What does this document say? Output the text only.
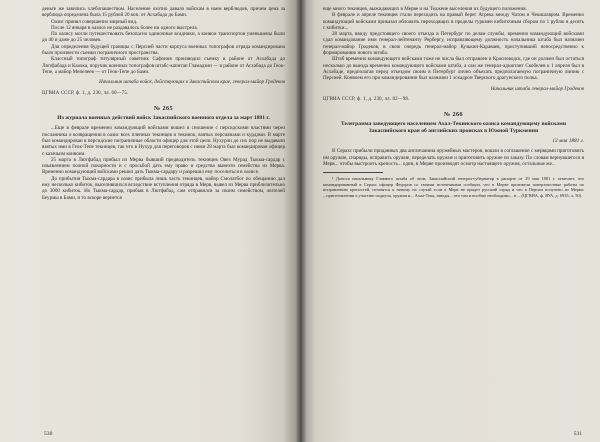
деньге же завились хлебопашеством. Население охотно давало войскам в наем верблюдов, причем цена за верблюда определена была 15 рублей 20 коп. от Асхабада до Бами.

Оазис принял совершенно мирный вид.

После 12 января в оазисе не раздавалось более ни одного выстрела.

По оазису могли путешествовать безопасно одиночные всадники, а конвои транспортов уменьшены были до 40 и даже до 25 человек.

Для определения будущей границы с Персией части корпуса военных топографов отряда командирована были произвести съемки пограничного пространства.

Классный топограф титулярный советник Сафонов производил съемку в районе от Асхабада до Лютфабада и Каахка, поручик военных топографов штабс-капитан Гламадзин — в районе от Асхабада до Геок-Тепе, а майор Мепелеев — от Геок-Тепе до Бами.

Начальник штаба войск, действующих в Закаспийском крае, генерал-майор Гродеков
ЦГВИА СССР, ф. 1, д. 230, лл. 60—75.
№ 265
Из журнала военных действий войск Закаспийского военного отдела за март 1881 г.

...Еще в феврале временно командующий войсками вошел в сношение с персидскими властями через посланника о возвращении в оазис всех пленных текинцев и текинок, взятых персиянами и курдами. В марте был командирован в персидские пограничные области офицер для этой цели. Нухурли до сих пор не выдавали взятых ими в Геок-Тепе текинцев, так что в Нухур для переговоров с ними 28 марта был командирован офицер с казачьим конвоем.

25 марта в Лютфабад прибыл из Мерва бывший предводитель текинцев Овез Мурад Тыкма-сардар с изъявлением полной покорности и с просьбой дать ему право и средства вывезти семейства из Мерва. Временно командующий войсками решил дать Тыкма-сардару и разрешил ему поселиться в оазисе.

До прибытия Тыкма-сардара в оазис прибыла лишь часть текинцев, майор Смолатбог по обещанию дал ему несколько кибиток, выселившихся вследствие вступления отряда в Мерв, вывел из Мерва приблизительно до 3000 кибиток. Но Тыкма-сардар, прибыв в Лютфабад, сам отправился за своим семейством, жителей Беурмы в Бами, и то вскоре вернется

530

еще много текинцев, выжидающих в Мерве и на Теджене выселения их будущего положения.

В феврале и апреле текинцев стали переходить на правый берег Атрека между Чатом и Чекишляром. Временно командующий войсками приказал обложить переходящих в пределы туркмен кибиточным сбором по 1 рублю в десять с кибитки...

28 марта, ввиду предстоящего своего отъезда в Петербург по делам службы, временно командующий войсками сдал командование ими генерал-лейтенанту Рербергу, исправляющему должность начальника штаба был назначен генерал-майор Гродеков, в свою очередь генерал-майор Кузькин-Караваев, приступивший непосредственно к формированию нового штаба.

Штаб временно командующего войсками тоже не числа был отправлен в Красноводск, где он должен был остаться несколько до выезда временно командующего войсками штаба, а сам же генерал-адъютант Скобелев к 1 апреля был в Асхабаде, предполагая перед отъездом своим в Петербург лично объехать предполагаемую пограничную линию с Персией. Конвоем его при командировании был назначен 1 эскадрон Тверского драгунского полка.

Начальник штаба генерал-майор Гродеков
ЦГВИА СССР, ф. 1, д. 230, лл. 82—98.
№ 266
Телеграмма заведующего населением Ахал-Текинского оазиса командующему войсками Закаспийского края об английских происках в Южной Туркмении
13 мая 1881 г.

В Серахс прибыли приданных два англичанина оружейных мастеров, вошли в соглашение с мервцами приготовить им оружие, снаряды, исправить оружие, переделать оружие и приготовить оружие по заказу. По словам вернувшегося в Мерв... чтобы выстроить крепость... один, в Мерве производят осмотр настоящего оружия, остальные же...

¹ Донося начальнику Главного штаба об этом, Закаспийский генерал-губернатор в рапорте от 29 мая 1881 г. отмечает, что командированный в Серахс офицер Федоров со своими источниками сообщил, что в Мерве произвели поверхностные работы по исправлению крепостей, готовятся к новому на случай если в Мерв не придет русский отряд и что в Персии получено из Мерва: ...приготовлении к участию подкупа, оружия и... Ахал-Тека, заводы... что там и вообще необходимо... в ... (ЦГВИА, ф. ВУА, д. 6935, л. 50).

531
